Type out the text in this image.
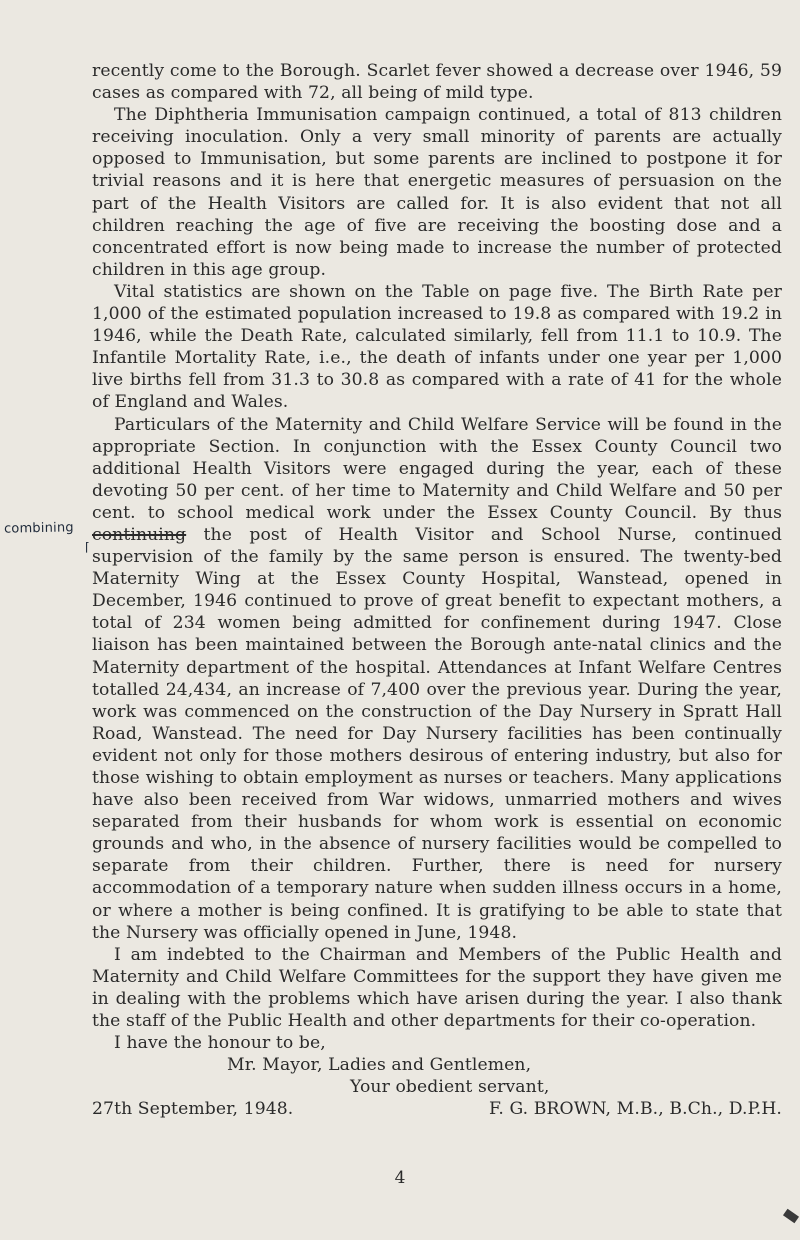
combining
⌈

recently come to the Borough. Scarlet fever showed a decrease over 1946, 59 cases as compared with 72, all being of mild type.

The Diphtheria Immunisation campaign continued, a total of 813 children receiving inoculation. Only a very small minority of parents are actually opposed to Immunisation, but some parents are inclined to postpone it for trivial reasons and it is here that energetic measures of persuasion on the part of the Health Visitors are called for. It is also evident that not all children reaching the age of five are receiving the boosting dose and a concentrated effort is now being made to increase the number of protected children in this age group.

Vital statistics are shown on the Table on page five. The Birth Rate per 1,000 of the estimated population increased to 19.8 as compared with 19.2 in 1946, while the Death Rate, calculated similarly, fell from 11.1 to 10.9. The Infantile Mortality Rate, i.e., the death of infants under one year per 1,000 live births fell from 31.3 to 30.8 as compared with a rate of 41 for the whole of England and Wales.

Particulars of the Maternity and Child Welfare Service will be found in the appropriate Section. In conjunction with the Essex County Council two additional Health Visitors were engaged during the year, each of these devoting 50 per cent. of her time to Maternity and Child Welfare and 50 per cent. to school medical work under the Essex County Council. By thus continuing the post of Health Visitor and School Nurse, continued supervision of the family by the same person is ensured. The twenty-bed Maternity Wing at the Essex County Hospital, Wanstead, opened in December, 1946 continued to prove of great benefit to expectant mothers, a total of 234 women being admitted for confinement during 1947. Close liaison has been maintained between the Borough ante-natal clinics and the Maternity department of the hospital. Attendances at Infant Welfare Centres totalled 24,434, an increase of 7,400 over the previous year. During the year, work was commenced on the construction of the Day Nursery in Spratt Hall Road, Wanstead. The need for Day Nursery facilities has been continually evident not only for those mothers desirous of entering industry, but also for those wishing to obtain employment as nurses or teachers. Many applications have also been received from War widows, unmarried mothers and wives separated from their husbands for whom work is essential on economic grounds and who, in the absence of nursery facilities would be compelled to separate from their children. Further, there is need for nursery accommodation of a temporary nature when sudden illness occurs in a home, or where a mother is being confined. It is gratifying to be able to state that the Nursery was officially opened in June, 1948.

I am indebted to the Chairman and Members of the Public Health and Maternity and Child Welfare Committees for the support they have given me in dealing with the problems which have arisen during the year. I also thank the staff of the Public Health and other departments for their co-operation.

I have the honour to be,

Mr. Mayor, Ladies and Gentlemen,

Your obedient servant,

27th September, 1948.	F. G. BROWN, M.B., B.Ch., D.P.H.
4
